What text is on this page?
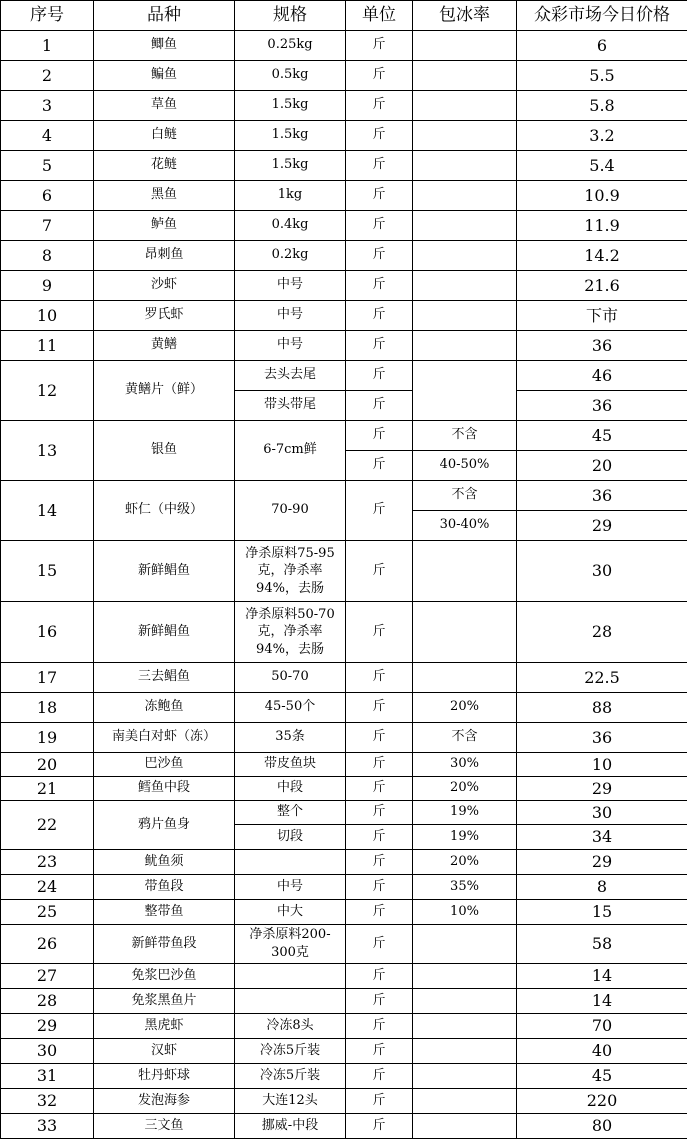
序号	品种	规格	单位	包冰率	众彩市场今日价格
1	鲫鱼	0.25kg	斤		6
2	鳊鱼	0.5kg	斤		5.5
3	草鱼	1.5kg	斤		5.8
4	白鲢	1.5kg	斤		3.2
5	花鲢	1.5kg	斤		5.4
6	黑鱼	1kg	斤		10.9
7	鲈鱼	0.4kg	斤		11.9
8	昂刺鱼	0.2kg	斤		14.2
9	沙虾	中号	斤		21.6
10	罗氏虾	中号	斤		下市
11	黄鳝	中号	斤		36
12	黄鳝片（鲜）	去头去尾	斤		46
		带头带尾	斤		36
13	银鱼	6-7cm鲜	斤	不含	45
			斤	40-50%	20
14	虾仁（中级）	70-90	斤	不含	36
				30-40%	29
15	新鲜鲳鱼	净杀原料75-95克，净杀率94%，去肠	斤		30
16	新鲜鲳鱼	净杀原料50-70克，净杀率94%，去肠	斤		28
17	三去鲳鱼	50-70	斤		22.5
18	冻鲍鱼	45-50个	斤	20%	88
19	南美白对虾（冻）	35条	斤	不含	36
20	巴沙鱼	带皮鱼块	斤	30%	10
21	鳕鱼中段	中段	斤	20%	29
22	鸦片鱼身	整个	斤	19%	30
		切段	斤	19%	34
23	鱿鱼须		斤	20%	29
24	带鱼段	中号	斤	35%	8
25	整带鱼	中大	斤	10%	15
26	新鲜带鱼段	净杀原料200-300克	斤		58
27	免浆巴沙鱼		斤		14
28	免浆黑鱼片		斤		14
29	黑虎虾	冷冻8头	斤		70
30	汉虾	冷冻5斤装	斤		40
31	牡丹虾球	冷冻5斤装	斤		45
32	发泡海参	大连12头	斤		220
33	三文鱼	挪威-中段	斤		80
